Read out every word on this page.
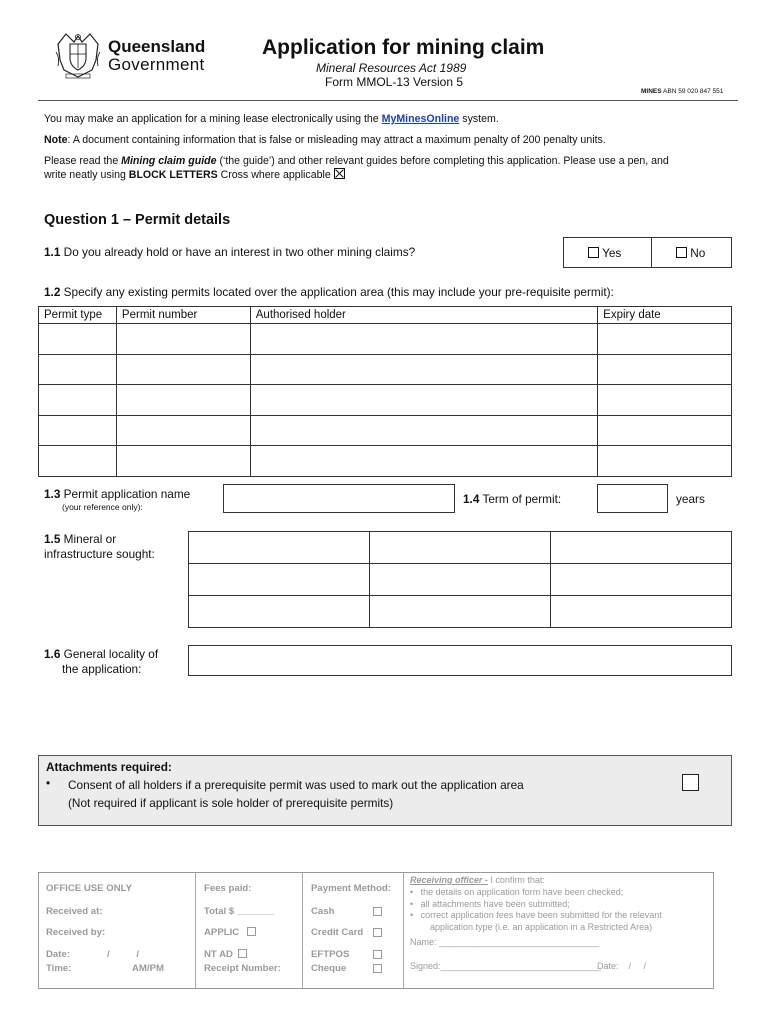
Queensland
Government
Application for mining claim
Mineral Resources Act 1989
Form MMOL-13 Version 5
MINES ABN 59 020 847 551
You may make an application for a mining lease electronically using the MyMinesOnline system.
Note: A document containing information that is false or misleading may attract a maximum penalty of 200 penalty units.
Please read the Mining claim guide (‘the guide’) and other relevant guides before completing this application. Please use a pen, and
write neatly using BLOCK LETTERS Cross where applicable
Question 1 – Permit details
1.1 Do you already hold or have an interest in two other mining claims?	Yes	No
1.2 Specify any existing permits located over the application area (this may include your pre-requisite permit):
Permit type	Permit number	Authorised holder	Expiry date

1.3 Permit application name
(your reference only):
1.4 Term of permit:	years
1.5 Mineral or
infrastructure sought:

1.6 General locality of
the application:
Attachments required:
• Consent of all holders if a prerequisite permit was used to mark out the application area
(Not required if applicant is sole holder of prerequisite permits)
OFFICE USE ONLY
Received at:
Received by:
Date:	/          /
Time:	AM/PM
Fees paid:
Total $ _______
APPLIC
NT AD
Receipt Number:
Payment Method:
Cash
Credit Card
EFTPOS
Cheque
Receiving officer - I confirm that:
•   the details on application form have been checked;
•   all attachments have been submitted;
•   correct application fees have been submitted for the relevant
application type (i.e. an application in a Restricted Area)
Name: ________________________________
Signed:________________________________
Date:    /     /
